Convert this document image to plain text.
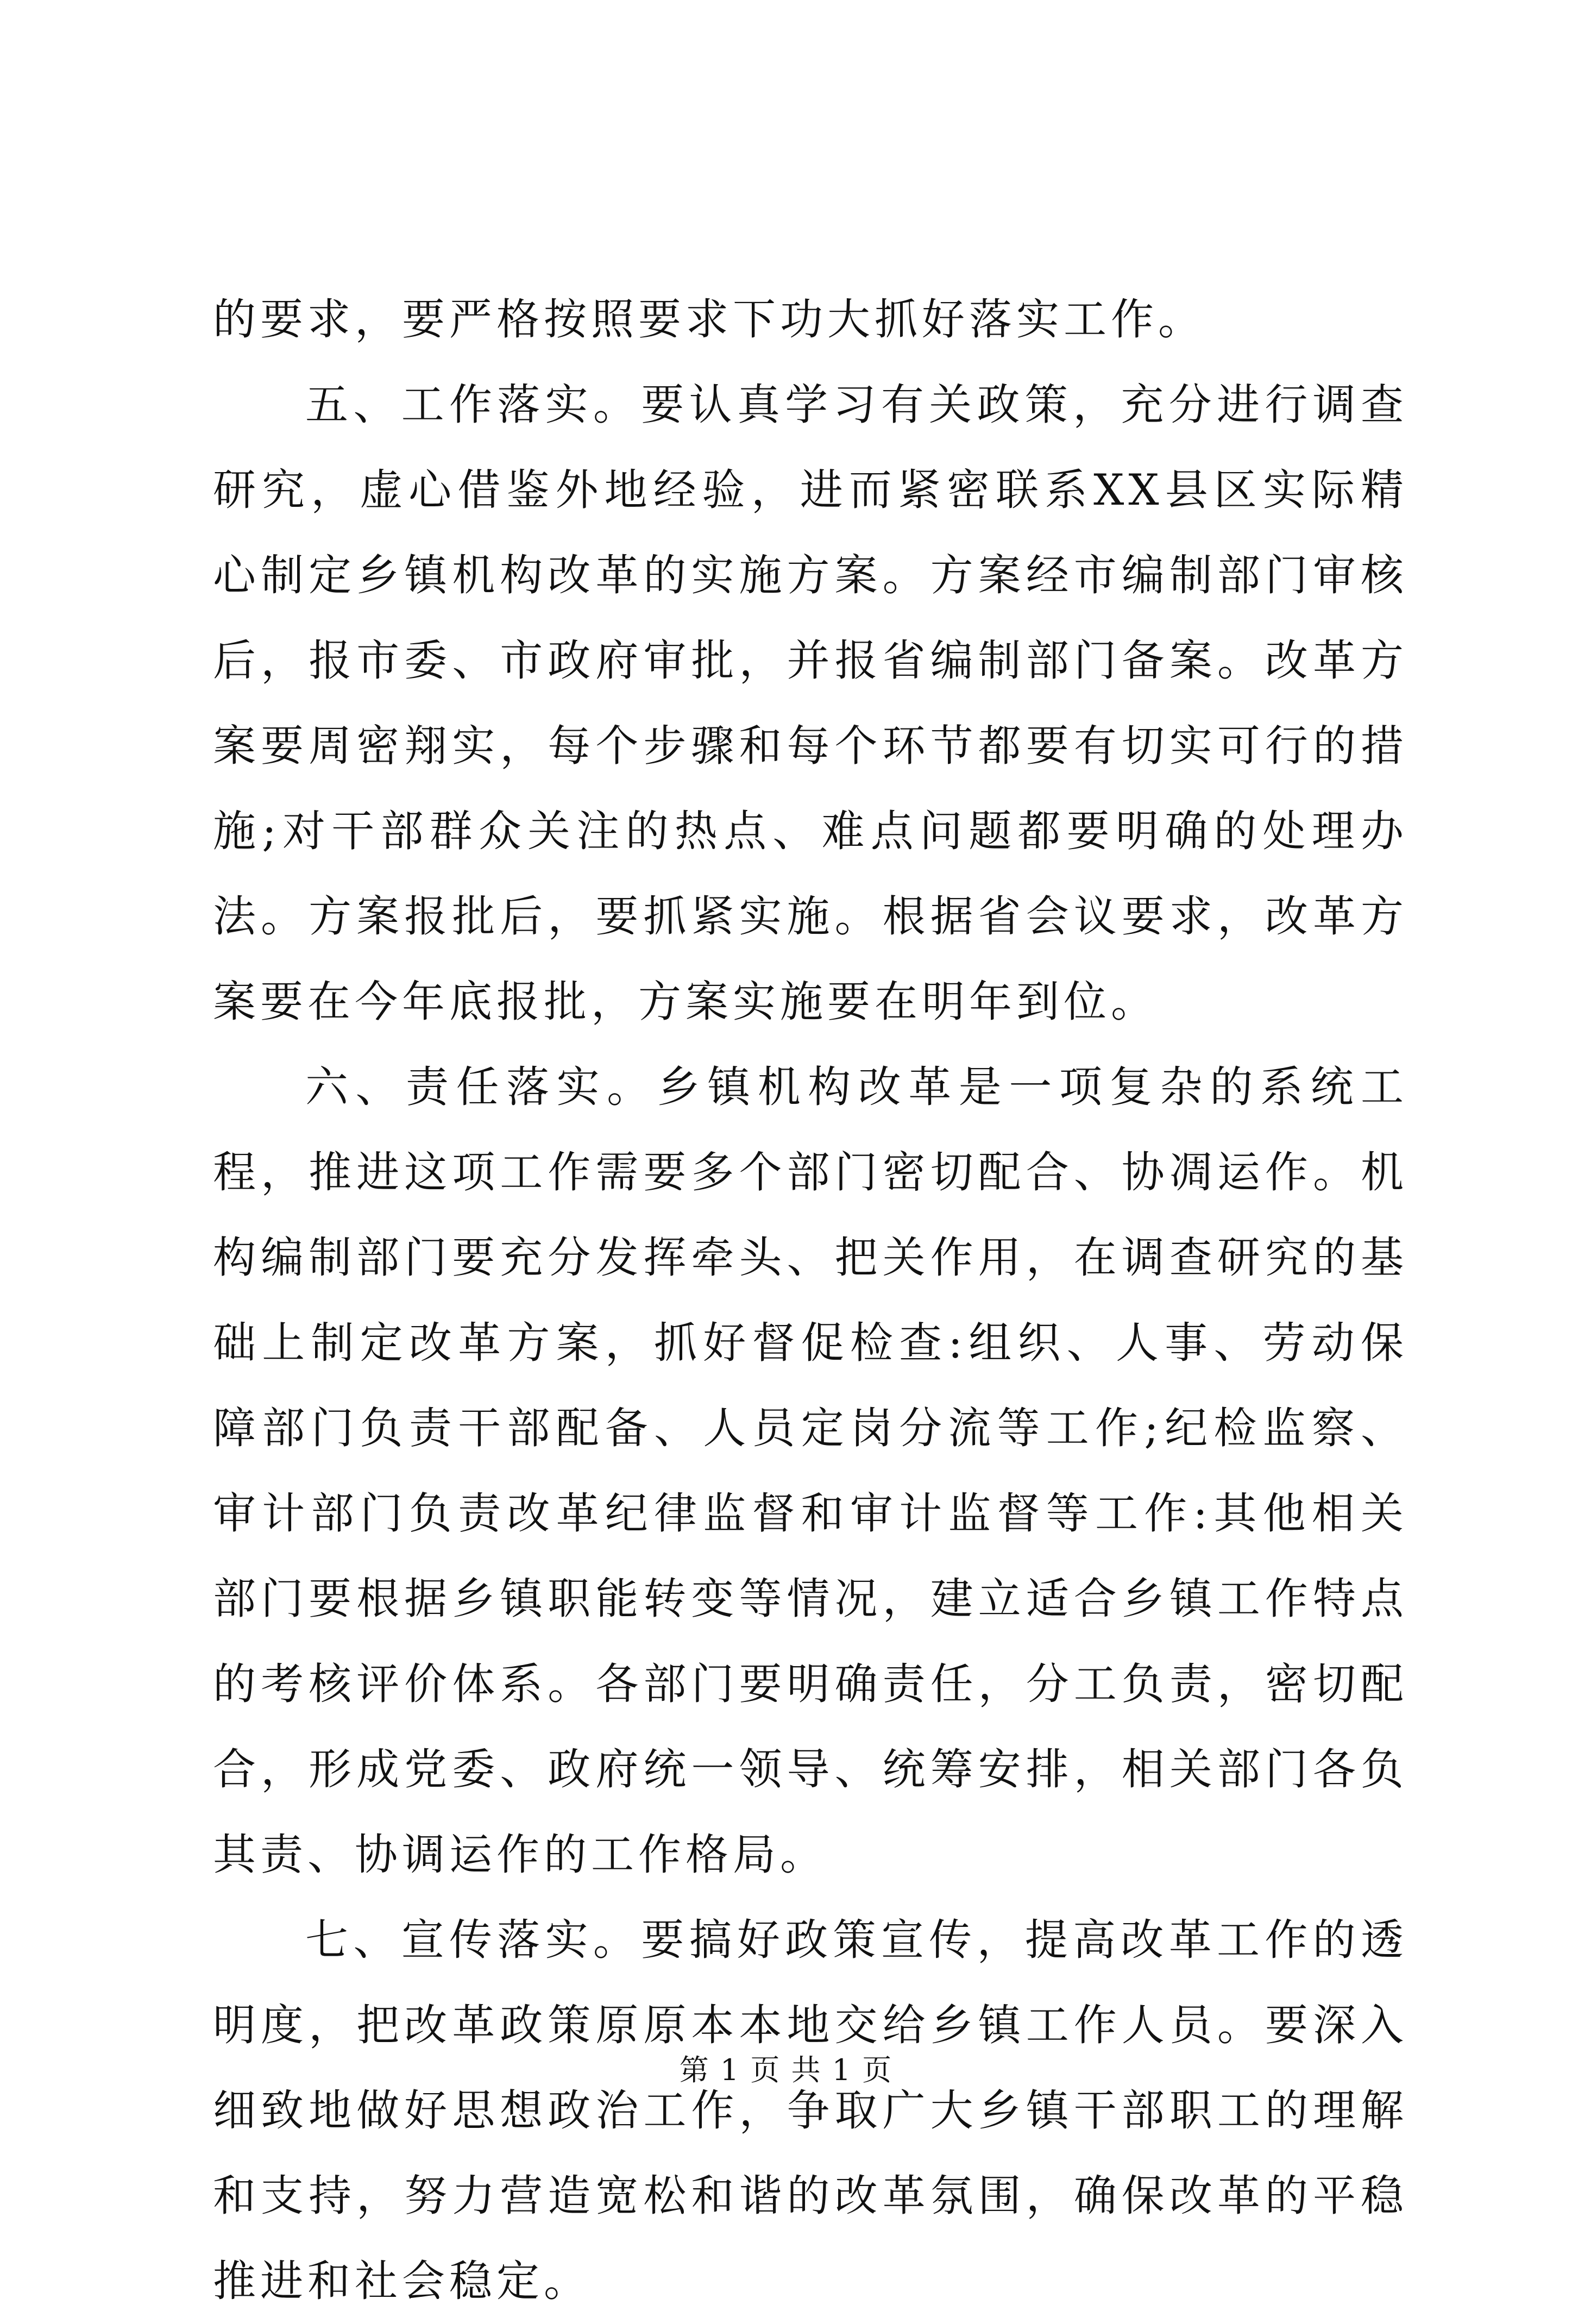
的要求，要严格按照要求下功大抓好落实工作。

五、工作落实。要认真学习有关政策，充分进行调查研究，虚心借鉴外地经验，进而紧密联系XX县区实际精心制定乡镇机构改革的实施方案。方案经市编制部门审核后，报市委、市政府审批，并报省编制部门备案。改革方案要周密翔实，每个步骤和每个环节都要有切实可行的措施;对干部群众关注的热点、难点问题都要明确的处理办法。方案报批后，要抓紧实施。根据省会议要求，改革方案要在今年底报批，方案实施要在明年到位。

六、责任落实。乡镇机构改革是一项复杂的系统工程，推进这项工作需要多个部门密切配合、协凋运作。机构编制部门要充分发挥牵头、把关作用，在调查研究的基础上制定改革方案，抓好督促检查:组织、人事、劳动保障部门负责干部配备、人员定岗分流等工作;纪检监察、审计部门负责改革纪律监督和审计监督等工作:其他相关部门要根据乡镇职能转变等情况，建立适合乡镇工作特点的考核评价体系。各部门要明确责任，分工负责，密切配合，形成党委、政府统一领导、统筹安排，相关部门各负其责、协调运作的工作格局。

七、宣传落实。要搞好政策宣传，提高改革工作的透明度，把改革政策原原本本地交给乡镇工作人员。要深入细致地做好思想政治工作，争取广大乡镇干部职工的理解和支持，努力营造宽松和谐的改革氛围，确保改革的平稳推进和社会稳定。

第 1 页 共 1 页
